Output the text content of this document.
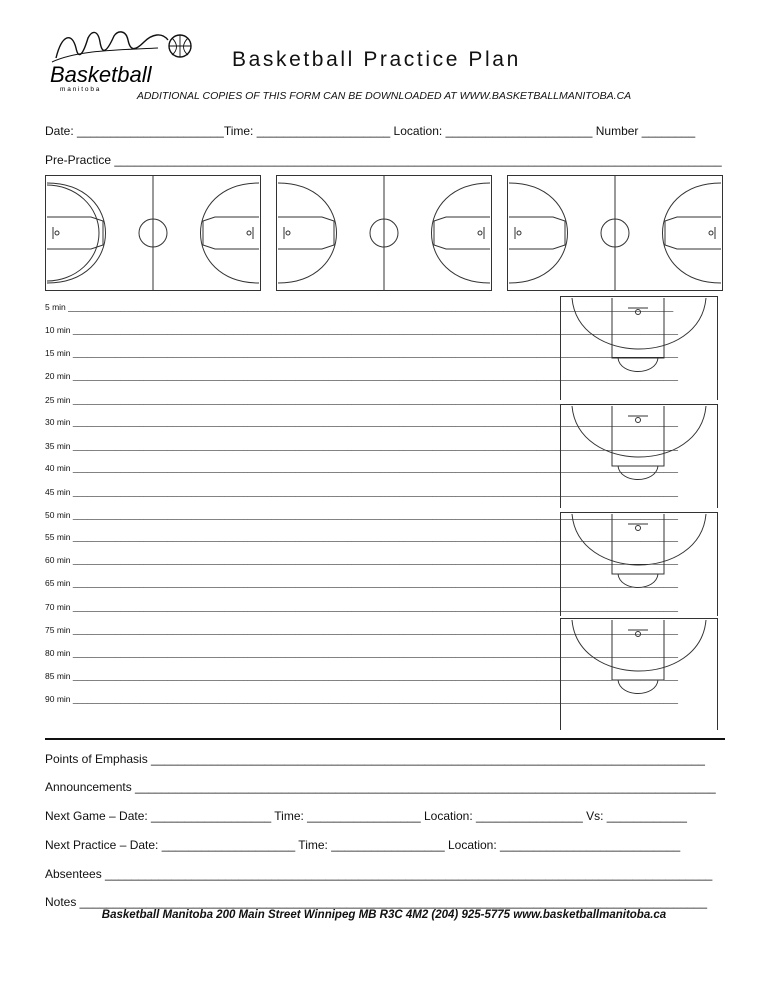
Basketball
m a n i t o b a
Basketball Practice Plan
ADDITIONAL COPIES OF THIS FORM CAN BE DOWNLOADED AT WWW.BASKETBALLMANITOBA.CA
Date: ______________________Time: ____________________ Location: ______________________ Number ________
Pre-Practice ___________________________________________________________________________________________
5 min ________________________________________________________________________________________________________________________________
10 min ________________________________________________________________________________________________________________________________
15 min ________________________________________________________________________________________________________________________________
20 min ________________________________________________________________________________________________________________________________
25 min ________________________________________________________________________________________________________________________________
30 min ________________________________________________________________________________________________________________________________
35 min ________________________________________________________________________________________________________________________________
40 min ________________________________________________________________________________________________________________________________
45 min ________________________________________________________________________________________________________________________________
50 min ________________________________________________________________________________________________________________________________
55 min ________________________________________________________________________________________________________________________________
60 min ________________________________________________________________________________________________________________________________
65 min ________________________________________________________________________________________________________________________________
70 min ________________________________________________________________________________________________________________________________
75 min ________________________________________________________________________________________________________________________________
80 min ________________________________________________________________________________________________________________________________
85 min ________________________________________________________________________________________________________________________________
90 min ________________________________________________________________________________________________________________________________
Points of Emphasis ___________________________________________________________________________________
Announcements _______________________________________________________________________________________
Next Game – Date: __________________ Time: _________________ Location: ________________ Vs: ____________
Next Practice – Date: ____________________ Time: _________________ Location: ___________________________
Absentees ___________________________________________________________________________________________
Notes ______________________________________________________________________________________________
Basketball Manitoba 200 Main Street Winnipeg MB R3C 4M2 (204) 925-5775 www.basketballmanitoba.ca
